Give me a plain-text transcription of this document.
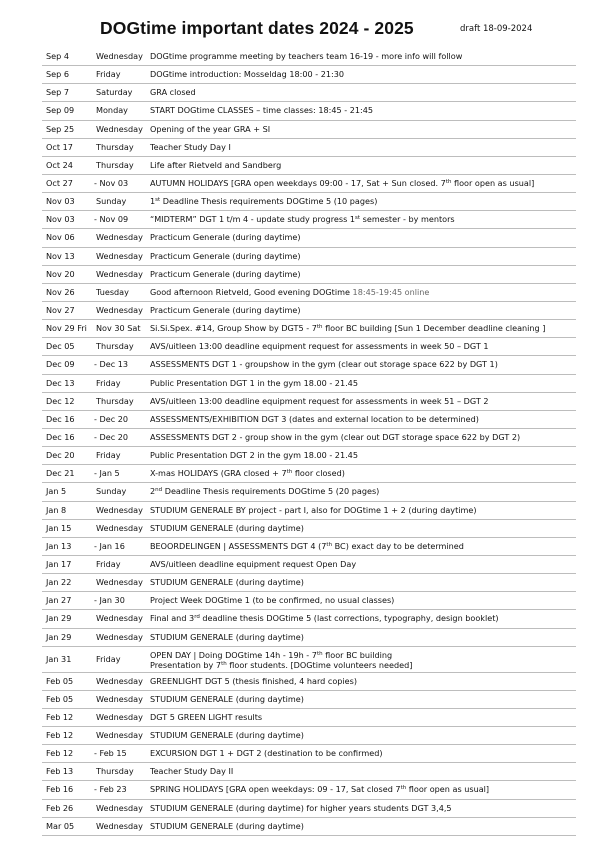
DOGtime important dates 2024 - 2025	draft 18-09-2024
Sep 4	Wednesday DOGtime programme meeting by teachers team 16-19 - more info will follow
Sep 6	Friday	DOGtime introduction: Mosseldag 18:00 - 21:30
Sep 7	Saturday GRA closed
Sep 09	Monday	START DOGtime CLASSES – time classes: 18:45 - 21:45
Sep 25	Wednesday Opening of the year GRA + SI
Oct 17	Thursday Teacher Study Day I
Oct 24	Thursday Life after Rietveld and Sandberg
Oct 27	- Nov 03	AUTUMN HOLIDAYS [GRA open weekdays 09:00 - 17, Sat + Sun closed. 7th floor open as usual]
Nov 03	Sunday	1st Deadline Thesis requirements DOGtime 5 (10 pages)
Nov 03 - Nov 09	“MIDTERM” DGT 1 t/m 4 - update study progress 1st semester - by mentors
Nov 06	Wednesday Practicum Generale (during daytime)
Nov 13	Wednesday Practicum Generale (during daytime)
Nov 20	Wednesday Practicum Generale (during daytime)
Nov 26	Tuesday	Good afternoon Rietveld, Good evening DOGtime 18:45-19:45 online
Nov 27	Wednesday Practicum Generale (during daytime)
Nov 29 Fri Nov 30 Sat Si.Si.Spex. #14, Group Show by DGT5 - 7th floor BC building [Sun 1 December deadline cleaning ]
Dec 05	Thursday AVS/uitleen 13:00 deadline equipment request for assessments in week 50 – DGT 1
Dec 09 - Dec 13	ASSESSMENTS DGT 1 - groupshow in the gym (clear out storage space 622 by DGT 1)
Dec 13	Friday	Public Presentation DGT 1 in the gym 18.00 - 21.45
Dec 12	Thursday AVS/uitleen 13:00 deadline equipment request for assessments in week 51 – DGT 2
Dec 16 - Dec 20	ASSESSMENTS/EXHIBITION DGT 3 (dates and external location to be determined)
Dec 16 - Dec 20	ASSESSMENTS DGT 2 - group show in the gym (clear out DGT storage space 622 by DGT 2)
Dec 20	Friday	Public Presentation DGT 2 in the gym 18.00 - 21.45
Dec 21 - Jan 5	X-mas HOLIDAYS (GRA closed + 7th floor closed)
Jan 5	Sunday	2nd Deadline Thesis requirements DOGtime 5 (20 pages)
Jan 8	Wednesday STUDIUM GENERALE BY project - part I, also for DOGtime 1 + 2 (during daytime)
Jan 15	Wednesday STUDIUM GENERALE (during daytime)
Jan 13	- Jan 16	BEOORDELINGEN | ASSESSMENTS DGT 4 (7th BC) exact day to be determined
Jan 17	Friday	AVS/uitleen deadline equipment request Open Day
Jan 22	Wednesday STUDIUM GENERALE (during daytime)
Jan 27	- Jan 30	Project Week DOGtime 1 (to be confirmed, no usual classes)
Jan 29	Wednesday Final and 3rd deadline thesis DOGtime 5 (last corrections, typography, design booklet)
Jan 29	Wednesday STUDIUM GENERALE (during daytime)
Jan 31	Friday	OPEN DAY | Doing DOGtime 14h - 19h - 7th floor BC building
Presentation by 7th floor students. [DOGtime volunteers needed]
Feb 05	Wednesday GREENLIGHT DGT 5 (thesis finished, 4 hard copies)
Feb 05	Wednesday STUDIUM GENERALE (during daytime)
Feb 12	Wednesday DGT 5 GREEN LIGHT results
Feb 12	Wednesday STUDIUM GENERALE (during daytime)
Feb 12	- Feb 15	EXCURSION DGT 1 + DGT 2 (destination to be confirmed)
Feb 13	Thursday Teacher Study Day II
Feb 16	- Feb 23	SPRING HOLIDAYS [GRA open weekdays: 09 - 17, Sat closed 7th floor open as usual]
Feb 26	Wednesday STUDIUM GENERALE (during daytime) for higher years students DGT 3,4,5
Mar 05	Wednesday STUDIUM GENERALE (during daytime)
